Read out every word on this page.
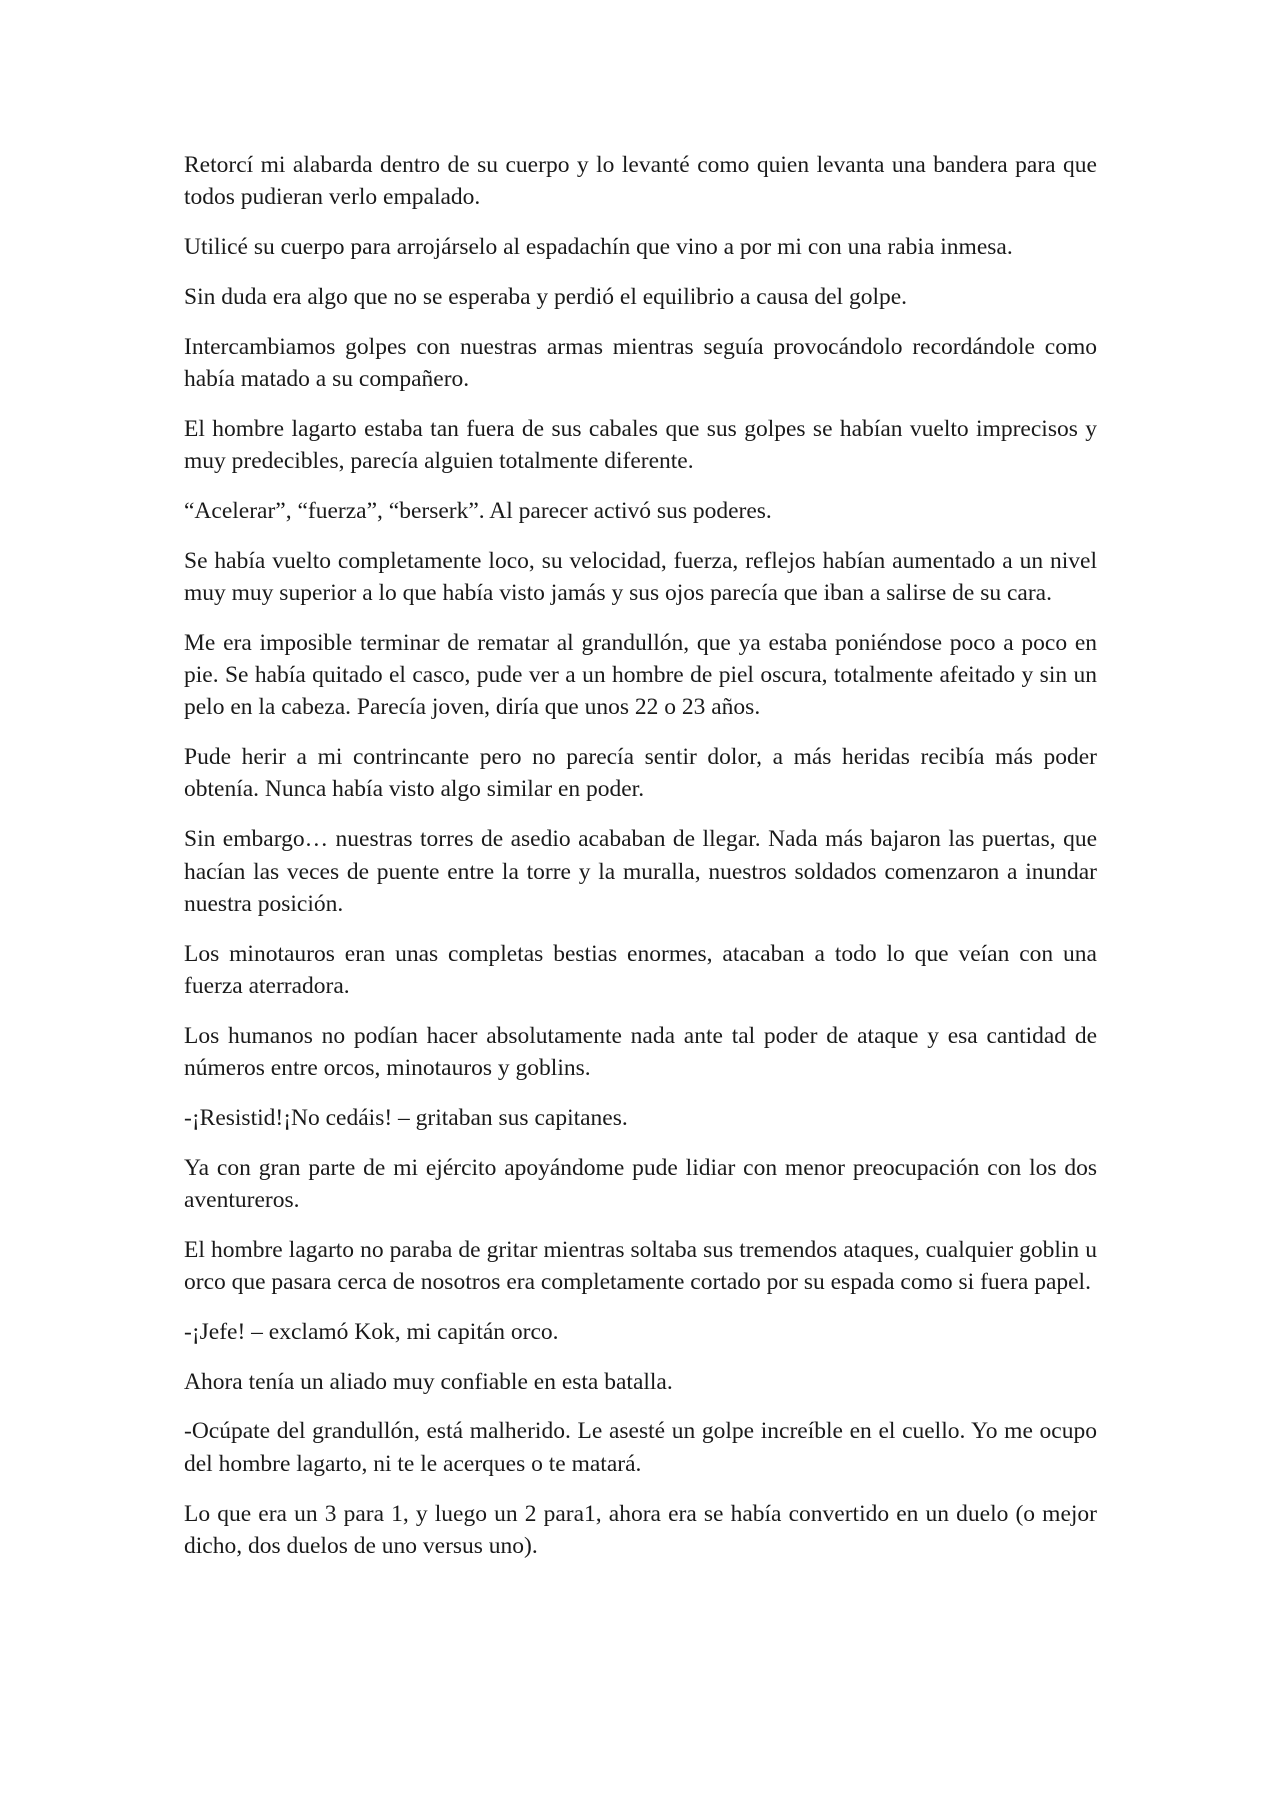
Retorcí mi alabarda dentro de su cuerpo y lo levanté como quien levanta una bandera para que todos pudieran verlo empalado.

Utilicé su cuerpo para arrojárselo al espadachín que vino a por mi con una rabia inmesa.

Sin duda era algo que no se esperaba y perdió el equilibrio a causa del golpe.

Intercambiamos golpes con nuestras armas mientras seguía provocándolo recordándole como había matado a su compañero.

El hombre lagarto estaba tan fuera de sus cabales que sus golpes se habían vuelto imprecisos y muy predecibles, parecía alguien totalmente diferente.

“Acelerar”, “fuerza”, “berserk”. Al parecer activó sus poderes.

Se había vuelto completamente loco, su velocidad, fuerza, reflejos habían aumentado a un nivel muy muy superior a lo que había visto jamás y sus ojos parecía que iban a salirse de su cara.

Me era imposible terminar de rematar al grandullón, que ya estaba poniéndose poco a poco en pie. Se había quitado el casco, pude ver a un hombre de piel oscura, totalmente afeitado y sin un pelo en la cabeza. Parecía joven, diría que unos 22 o 23 años.

Pude herir a mi contrincante pero no parecía sentir dolor, a más heridas recibía más poder obtenía. Nunca había visto algo similar en poder.

Sin embargo… nuestras torres de asedio acababan de llegar. Nada más bajaron las puertas, que hacían las veces de puente entre la torre y la muralla, nuestros soldados comenzaron a inundar nuestra posición.

Los minotauros eran unas completas bestias enormes, atacaban a todo lo que veían con una fuerza aterradora.

Los humanos no podían hacer absolutamente nada ante tal poder de ataque y esa cantidad de números entre orcos, minotauros y goblins.

-¡Resistid!¡No cedáis! – gritaban sus capitanes.

Ya con gran parte de mi ejército apoyándome pude lidiar con menor preocupación con los dos aventureros.

El hombre lagarto no paraba de gritar mientras soltaba sus tremendos ataques, cualquier goblin u orco que pasara cerca de nosotros era completamente cortado por su espada como si fuera papel.

-¡Jefe! – exclamó Kok, mi capitán orco.

Ahora tenía un aliado muy confiable en esta batalla.

-Ocúpate del grandullón, está malherido. Le asesté un golpe increíble en el cuello. Yo me ocupo del hombre lagarto, ni te le acerques o te matará.

Lo que era un 3 para 1, y luego un 2 para1, ahora era se había convertido en un duelo (o mejor dicho, dos duelos de uno versus uno).
